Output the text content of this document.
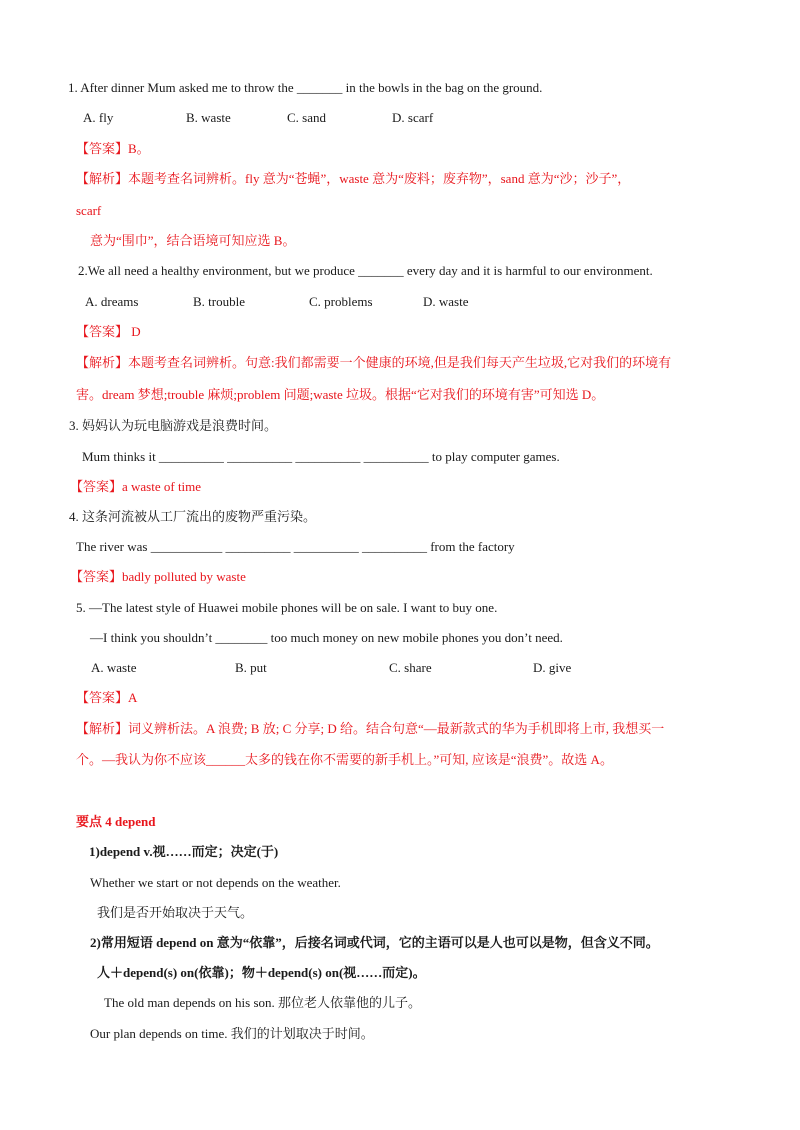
1. After dinner Mum asked me to throw the _______ in the bowls in the bag on the ground.
A. fly	B. waste	C. sand	D. scarf
【答案】B。
【解析】本题考查名词辨析。fly 意为“苍蝇”，waste 意为“废料；废弃物”，sand 意为“沙；沙子”，
scarf
意为“围巾”，结合语境可知应选 B。
2.We all need a healthy environment, but we produce _______ every day and it is harmful to our environment.
A. dreams	B. trouble	C. problems	D. waste
【答案】 D
【解析】本题考查名词辨析。句意:我们都需要一个健康的环境,但是我们每天产生垃圾,它对我们的环境有
害。dream 梦想;trouble 麻烦;problem 问题;waste 垃圾。根据“它对我们的环境有害”可知选 D。
3. 妈妈认为玩电脑游戏是浪费时间。
Mum thinks it __________ __________ __________ __________ to play computer games.
【答案】a waste of time
4. 这条河流被从工厂流出的废物严重污染。
The river was ___________ __________ __________ __________ from the factory
【答案】badly polluted by waste
5. —The latest style of Huawei mobile phones will be on sale. I want to buy one.
—I think you shouldn’t ________ too much money on new mobile phones you don’t need.
A. waste	B. put	C. share	D. give
【答案】A
【解析】词义辨析法。A 浪费; B 放; C 分享; D 给。结合句意“—最新款式的华为手机即将上市, 我想买一
个。—我认为你不应该______太多的钱在你不需要的新手机上。”可知, 应该是“浪费”。故选 A。
要点 4 depend
1)depend v.视……而定；决定(于)
Whether we start or not depends on the weather.
我们是否开始取决于天气。
2)常用短语 depend on 意为“依靠”，后接名词或代词，它的主语可以是人也可以是物，但含义不同。
人＋depend(s) on(依靠)；物＋depend(s) on(视……而定)。
The old man depends on his son. 那位老人依靠他的儿子。
Our plan depends on time. 我们的计划取决于时间。
